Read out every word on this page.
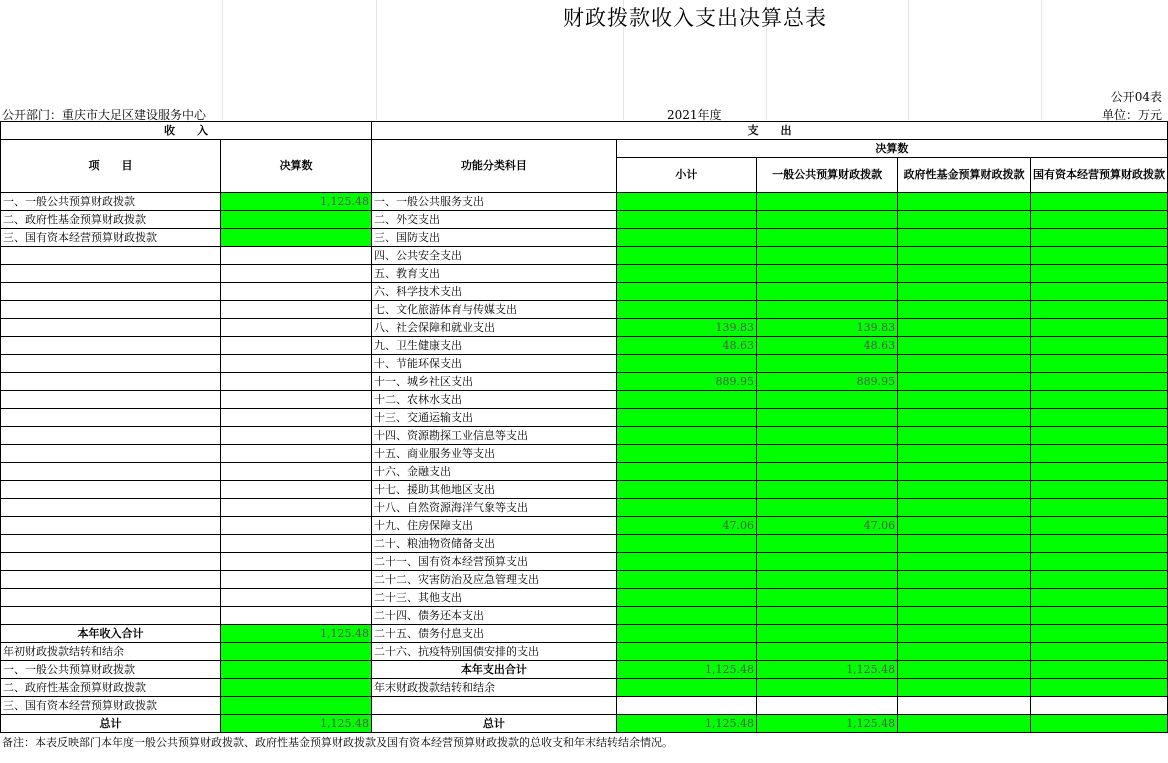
财政拨款收入支出决算总表
公开04表
公开部门：重庆市大足区建设服务中心	2021年度	单位：万元
收　　入		支　　出				
项　　目	决算数	功能分类科目	决算数			
			小计	一般公共预算财政拨款	政府性基金预算财政拨款	国有资本经营预算财政拨款

一、一般公共预算财政拨款	1,125.48	一、一般公共服务支出				
二、政府性基金预算财政拨款		二、外交支出				
三、国有资本经营预算财政拨款		三、国防支出				
		四、公共安全支出				
		五、教育支出				
		六、科学技术支出				
		七、文化旅游体育与传媒支出				
		八、社会保障和就业支出	139.83	139.83		
		九、卫生健康支出	48.63	48.63		
		十、节能环保支出				
		十一、城乡社区支出	889.95	889.95		
		十二、农林水支出				
		十三、交通运输支出				
		十四、资源勘探工业信息等支出				
		十五、商业服务业等支出				
		十六、金融支出				
		十七、援助其他地区支出				
		十八、自然资源海洋气象等支出				
		十九、住房保障支出	47.06	47.06		
		二十、粮油物资储备支出				
		二十一、国有资本经营预算支出				
		二十二、灾害防治及应急管理支出				
		二十三、其他支出				
		二十四、债务还本支出				
本年收入合计	1,125.48	二十五、债务付息支出				
年初财政拨款结转和结余		二十六、抗疫特别国债安排的支出				
一、一般公共预算财政拨款		本年支出合计	1,125.48	1,125.48		
二、政府性基金预算财政拨款		年末财政拨款结转和结余				
三、国有资本经营预算财政拨款						
总计	1,125.48	总计	1,125.48	1,125.48		
备注：本表反映部门本年度一般公共预算财政拨款、政府性基金预算财政拨款及国有资本经营预算财政拨款的总收支和年末结转结余情况。
